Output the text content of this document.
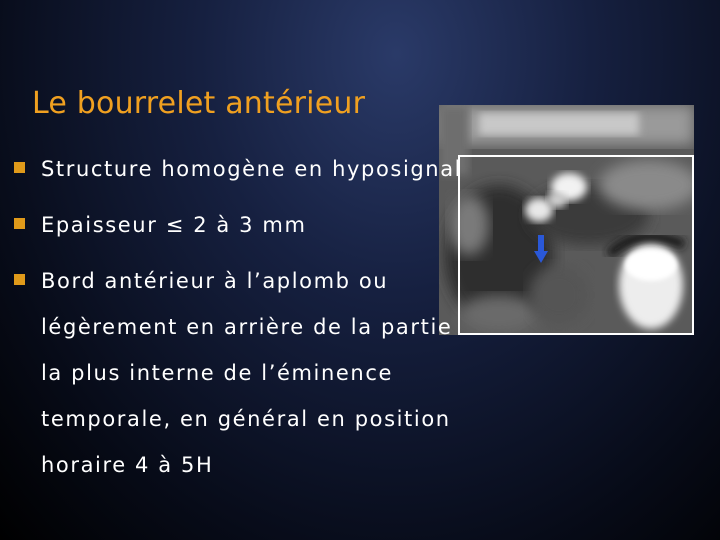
Le bourrelet antérieur
Structure homogène en hyposignal
Epaisseur ≤ 2 à 3 mm
Bord antérieur à l’aplomb ou légèrement en arrière de la partie la plus interne de l’éminence temporale, en général en position horaire 4 à 5H
